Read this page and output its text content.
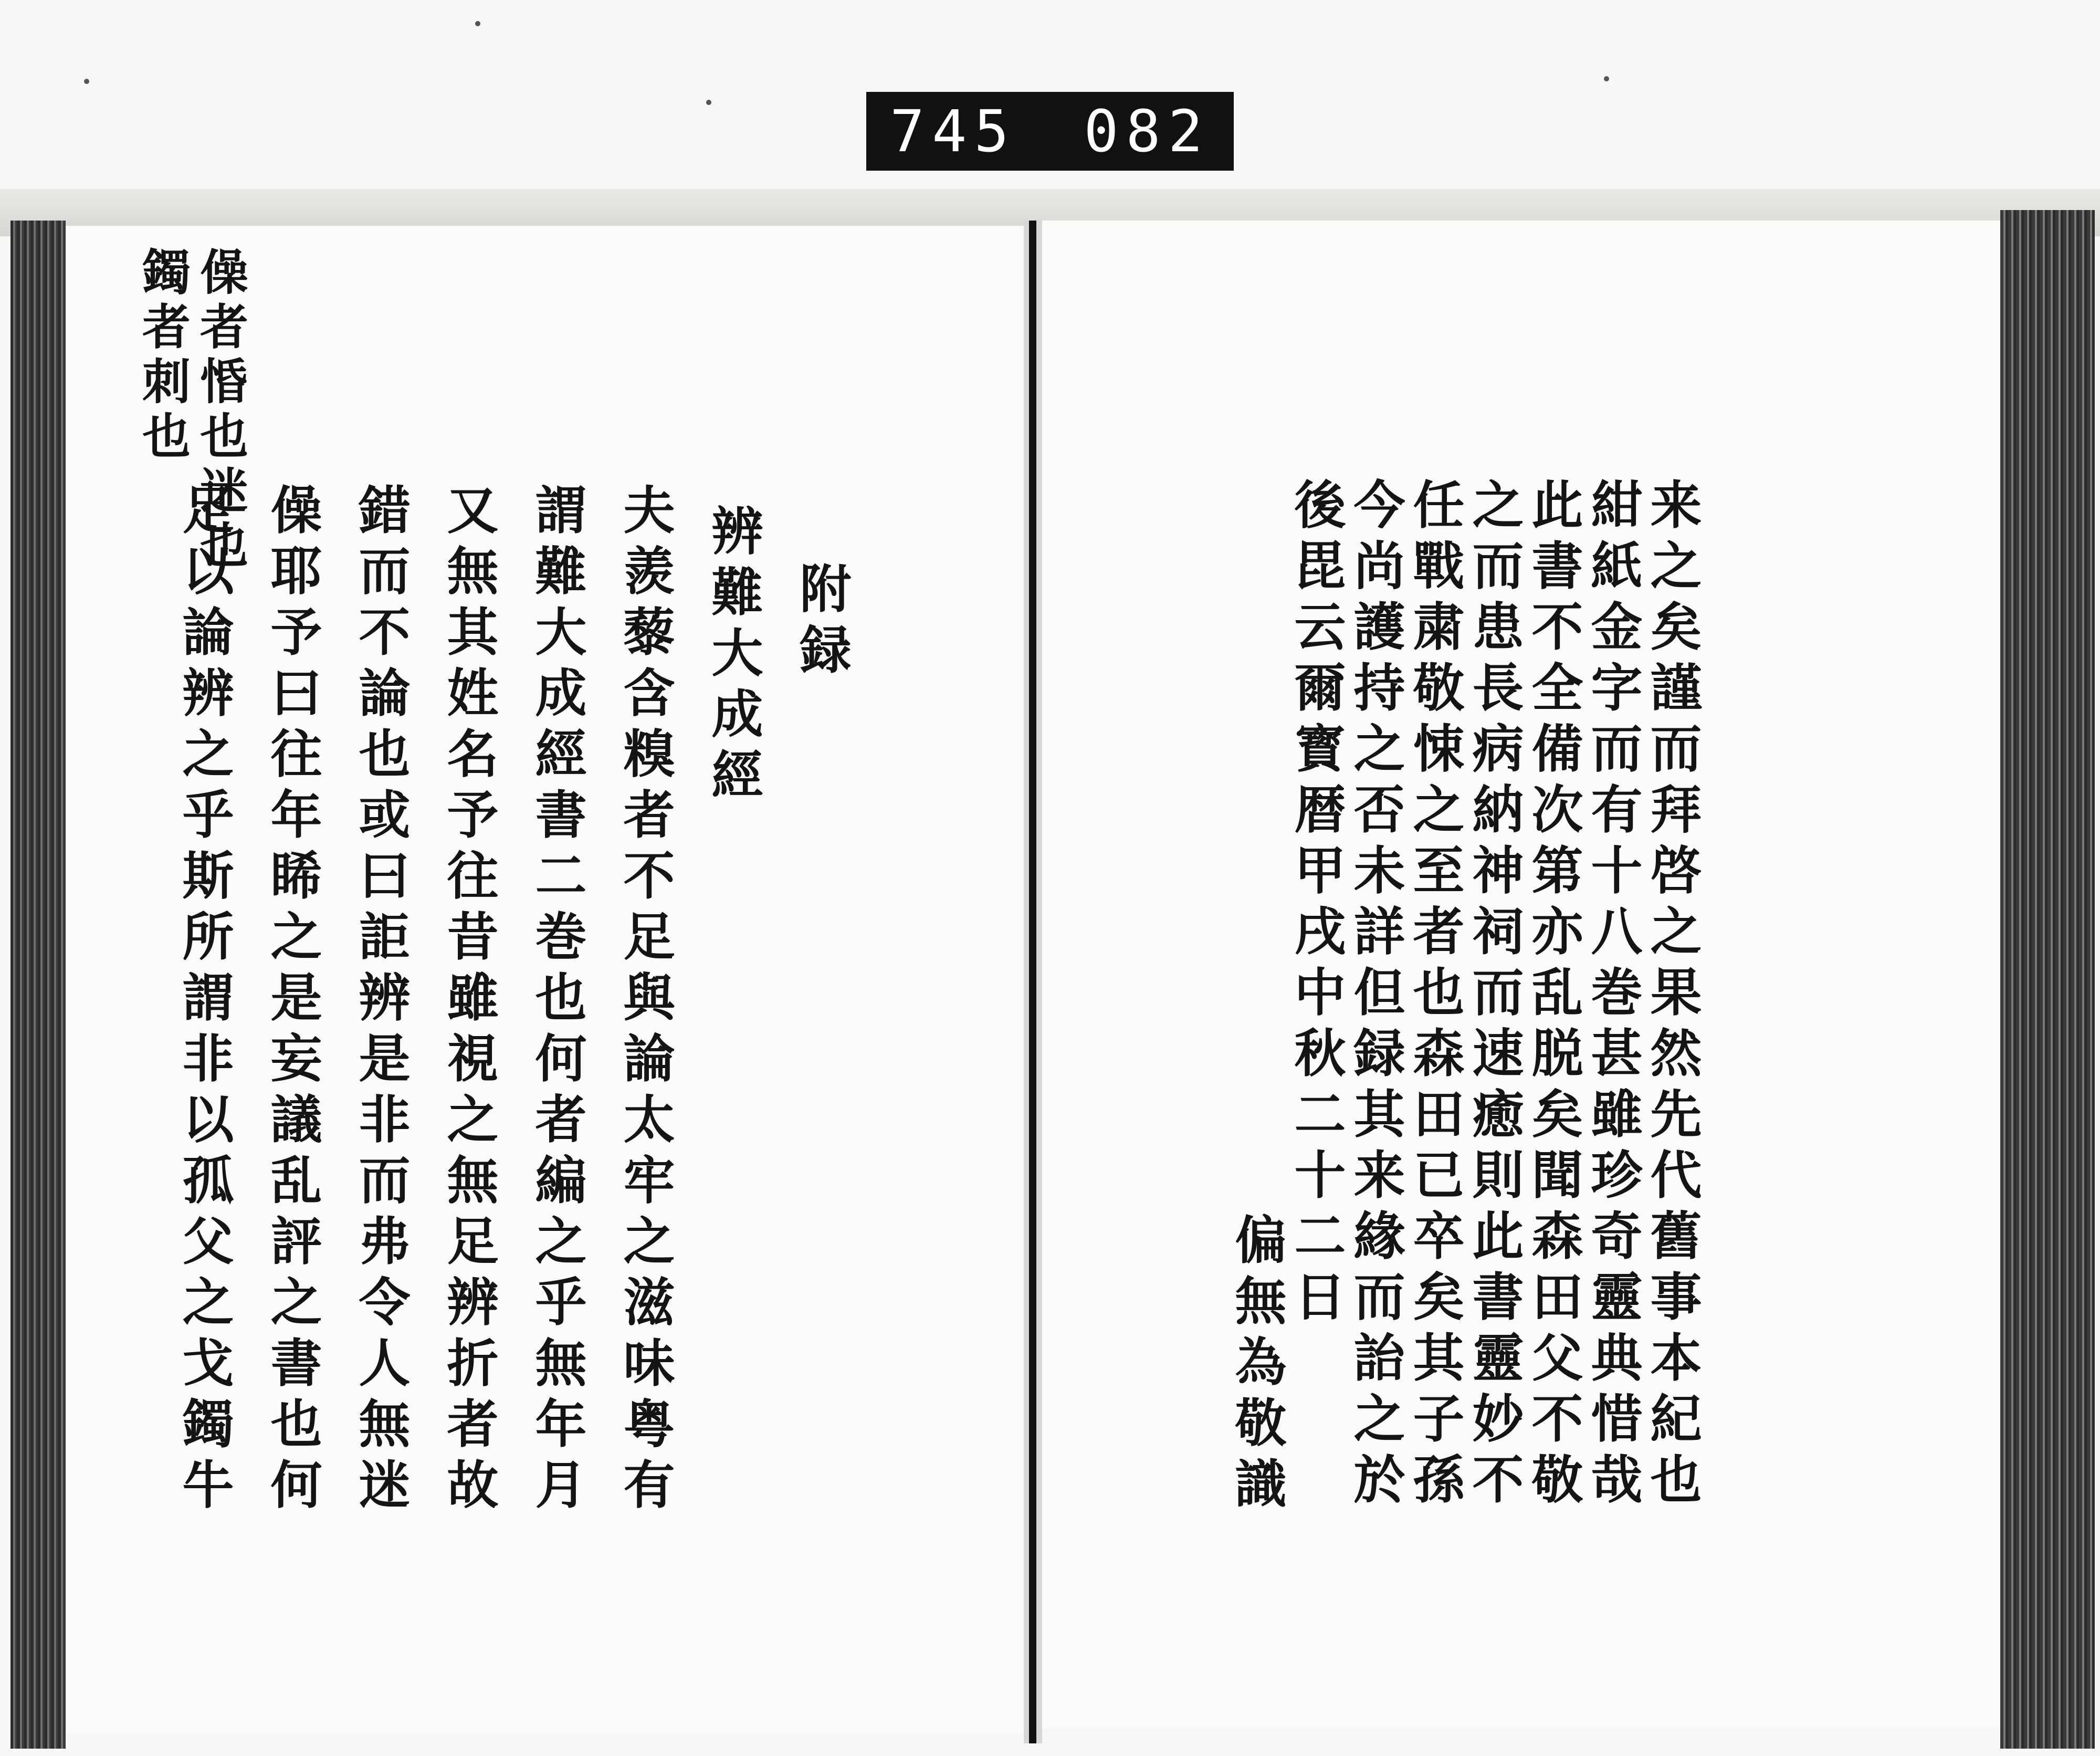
745 082
来之矣謹而拜啓之果然先代舊事本紀也
紺紙金字而有十八巻甚雖珍奇靈典惜哉
此書不全備次第亦乱脱矣聞森田父不敬
之而患長病納神祠而速癒則此書靈妙不
任戰粛敬悚之至者也森田已卒矣其子孫
今尚護持之否未詳但録其来緣而詒之於
後毘云爾寳暦甲戌中秋二十二日
偏無為敬識
僺者惛也迷也
鐲者刺也
附録
辨難大成經
夫羨藜含糗者不足與論太牢之滋味粤有
謂難大成經書二巻也何者編之乎無年月
又無其姓名予往昔雖視之無足辨折者故
錯而不論也或曰詎辨是非而弗令人無迷
僺耶予曰往年睎之是妄議乱評之書也何
足以論辨之乎斯所謂非以孤父之戈鐲牛
